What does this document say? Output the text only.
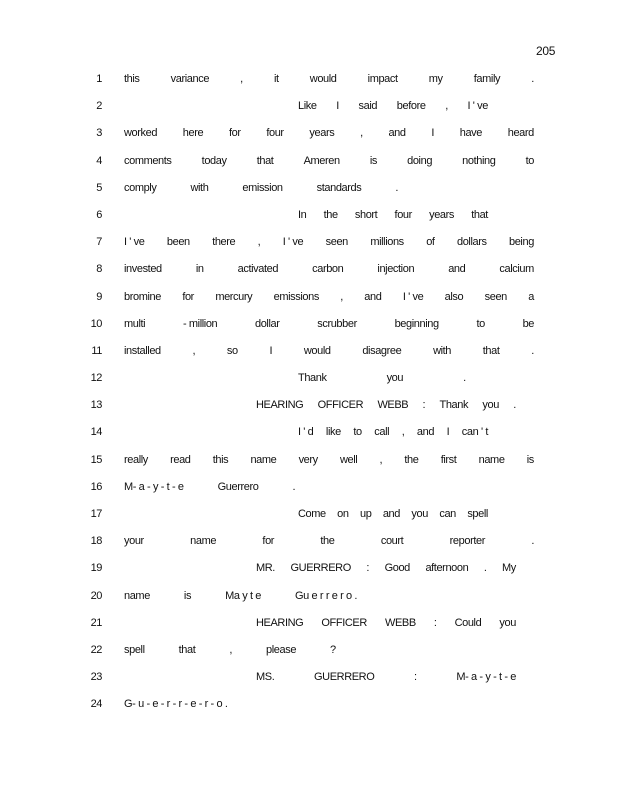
205
1 this	variance	,	it	would	impact	my	family	.
2	Like I said before , I ' ve
3 worked here for four years , and I have heard
4 comments	today	that	Ameren	is	doing	nothing	to
5 comply	with	emission	standards	.
6	In the short four years that
7 I ' ve been there , I ' ve seen millions of dollars being
8 invested	in	activated	carbon	injection	and	calcium
9 bromine for mercury emissions , and I ' ve also seen a
10 multi	- million	dollar	scrubber	beginning	to	be
11 installed	,	so	I	would	disagree	with	that	.
12	Thank	you	.
13	HEARING OFFICER WEBB : Thank you .
14	I ' d like to call , and I can ' t
15 really read this name very well , the first name is
16 M- a - y - t - e	Guerrero	.
17	Come on up and you can spell
18 your	name	for	the	court	reporter	.
19	MR. GUERRERO : Good afternoon . My
20 name	is	Ma y t e	Gu e r r e r o .
21	HEARING OFFICER WEBB : Could you
22 spell	that	,	please	?
23	MS.	GUERRERO	:	M- a - y - t - e
24 G- u - e - r - r - e - r - o .
